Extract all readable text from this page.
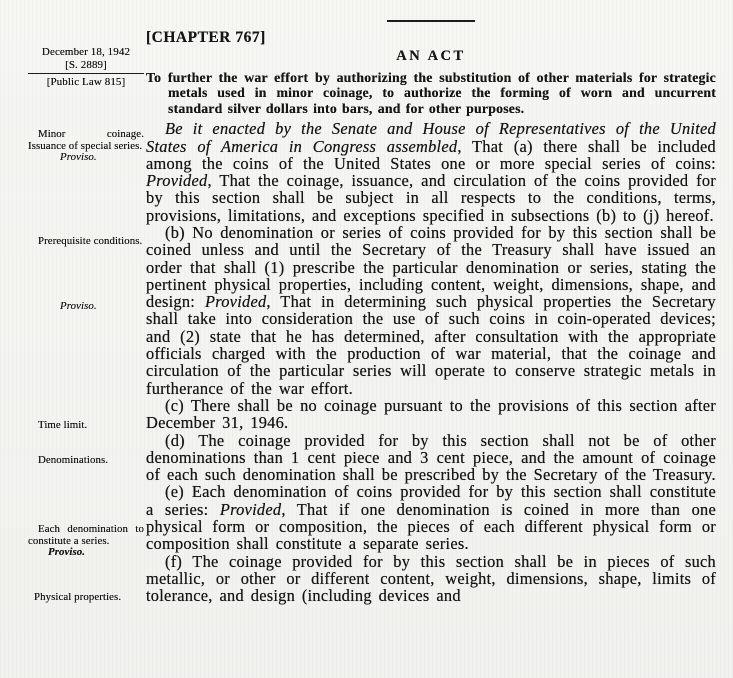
December 18, 1942
[S. 2889]
[Public Law 815]

Minor coinage. Issuance of special series.

Proviso.

Prerequisite conditions.

Proviso.

Time limit.

Denominations.

Each denomination to constitute a series.

Proviso.

Physical properties.

[CHAPTER 767]
AN ACT
To further the war effort by authorizing the substitution of other materials for strategic metals used in minor coinage, to authorize the forming of worn and uncurrent standard silver dollars into bars, and for other purposes.

Be it enacted by the Senate and House of Representatives of the United States of America in Congress assembled, That (a) there shall be included among the coins of the United States one or more special series of coins: Provided, That the coinage, issuance, and circulation of the coins provided for by this section shall be subject in all respects to the conditions, terms, provisions, limitations, and exceptions specified in subsections (b) to (j) hereof.

(b) No denomination or series of coins provided for by this section shall be coined unless and until the Secretary of the Treasury shall have issued an order that shall (1) prescribe the particular denomination or series, stating the pertinent physical properties, including content, weight, dimensions, shape, and design: Provided, That in determining such physical properties the Secretary shall take into consideration the use of such coins in coin-operated devices; and (2) state that he has determined, after consultation with the appropriate officials charged with the production of war material, that the coinage and circulation of the particular series will operate to conserve strategic metals in furtherance of the war effort.

(c) There shall be no coinage pursuant to the provisions of this section after December 31, 1946.

(d) The coinage provided for by this section shall not be of other denominations than 1 cent piece and 3 cent piece, and the amount of coinage of each such denomination shall be prescribed by the Secretary of the Treasury.

(e) Each denomination of coins provided for by this section shall constitute a series: Provided, That if one denomination is coined in more than one physical form or composition, the pieces of each different physical form or composition shall constitute a separate series.

(f) The coinage provided for by this section shall be in pieces of such metallic, or other or different content, weight, dimensions, shape, limits of tolerance, and design (including devices and
